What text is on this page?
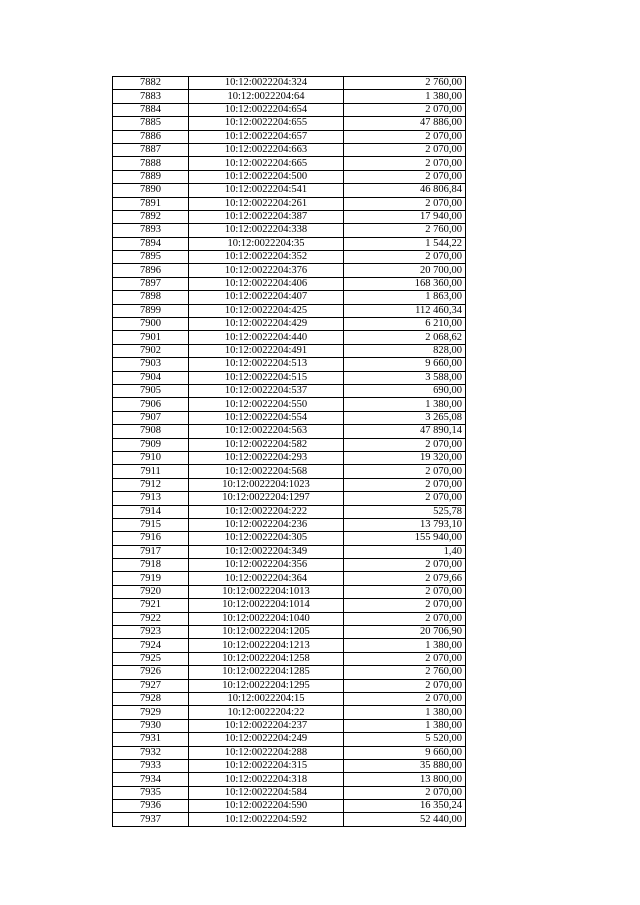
7882	10:12:0022204:324	2 760,00
7883	10:12:0022204:64	1 380,00
7884	10:12:0022204:654	2 070,00
7885	10:12:0022204:655	47 886,00
7886	10:12:0022204:657	2 070,00
7887	10:12:0022204:663	2 070,00
7888	10:12:0022204:665	2 070,00
7889	10:12:0022204:500	2 070,00
7890	10:12:0022204:541	46 806,84
7891	10:12:0022204:261	2 070,00
7892	10:12:0022204:387	17 940,00
7893	10:12:0022204:338	2 760,00
7894	10:12:0022204:35	1 544,22
7895	10:12:0022204:352	2 070,00
7896	10:12:0022204:376	20 700,00
7897	10:12:0022204:406	168 360,00
7898	10:12:0022204:407	1 863,00
7899	10:12:0022204:425	112 460,34
7900	10:12:0022204:429	6 210,00
7901	10:12:0022204:440	2 068,62
7902	10:12:0022204:491	828,00
7903	10:12:0022204:513	9 660,00
7904	10:12:0022204:515	3 588,00
7905	10:12:0022204:537	690,00
7906	10:12:0022204:550	1 380,00
7907	10:12:0022204:554	3 265,08
7908	10:12:0022204:563	47 890,14
7909	10:12:0022204:582	2 070,00
7910	10:12:0022204:293	19 320,00
7911	10:12:0022204:568	2 070,00
7912	10:12:0022204:1023	2 070,00
7913	10:12:0022204:1297	2 070,00
7914	10:12:0022204:222	525,78
7915	10:12:0022204:236	13 793,10
7916	10:12:0022204:305	155 940,00
7917	10:12:0022204:349	1,40
7918	10:12:0022204:356	2 070,00
7919	10:12:0022204:364	2 079,66
7920	10:12:0022204:1013	2 070,00
7921	10:12:0022204:1014	2 070,00
7922	10:12:0022204:1040	2 070,00
7923	10:12:0022204:1205	20 706,90
7924	10:12:0022204:1213	1 380,00
7925	10:12:0022204:1258	2 070,00
7926	10:12:0022204:1285	2 760,00
7927	10:12:0022204:1295	2 070,00
7928	10:12:0022204:15	2 070,00
7929	10:12:0022204:22	1 380,00
7930	10:12:0022204:237	1 380,00
7931	10:12:0022204:249	5 520,00
7932	10:12:0022204:288	9 660,00
7933	10:12:0022204:315	35 880,00
7934	10:12:0022204:318	13 800,00
7935	10:12:0022204:584	2 070,00
7936	10:12:0022204:590	16 350,24
7937	10:12:0022204:592	52 440,00
